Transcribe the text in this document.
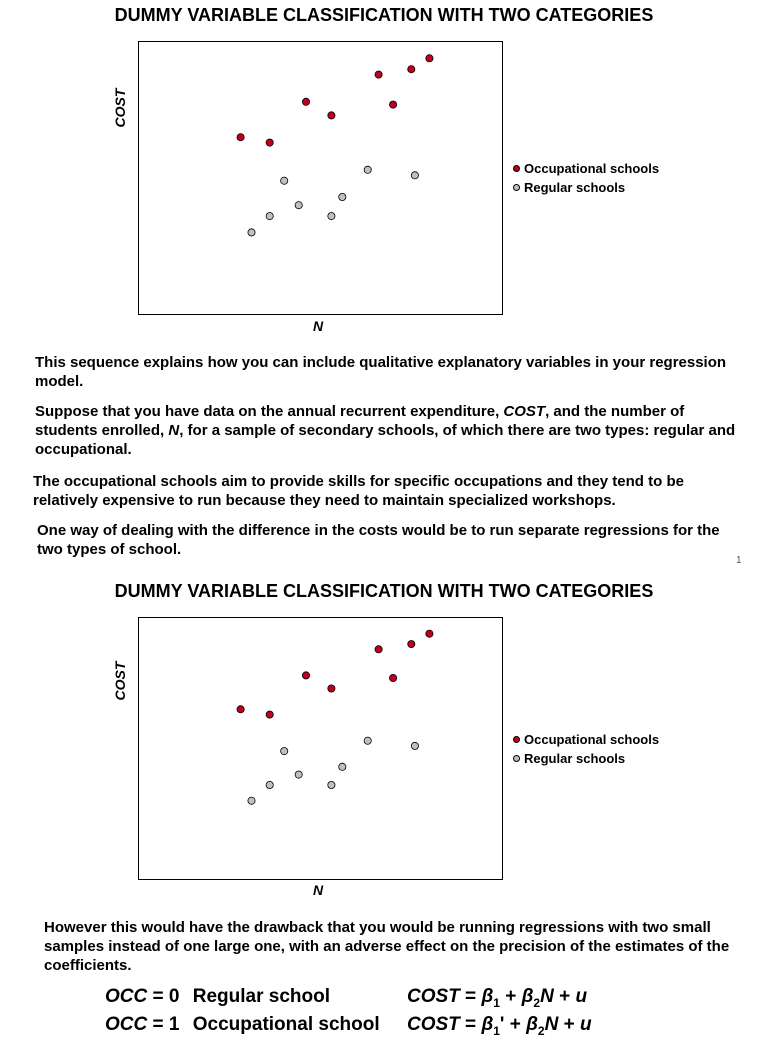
DUMMY VARIABLE CLASSIFICATION WITH TWO CATEGORIES
COST
N
Occupational schools
Regular schools
This sequence explains how you can include qualitative explanatory variables in your regression model.
Suppose that you have data on the annual recurrent expenditure, COST, and the number of students enrolled, N, for a sample of secondary schools, of which there are two types: regular and occupational.
The occupational schools aim to provide skills for specific occupations and they tend to be relatively expensive to run because they need to maintain specialized workshops.
One way of dealing with the difference in the costs would be to run separate regressions for the two types of school.
1
DUMMY VARIABLE CLASSIFICATION WITH TWO CATEGORIES
COST
N
Occupational schools
Regular schools
However this would have the drawback that you would be running regressions with two small samples instead of one large one, with an adverse effect on the precision of the estimates of the coefficients.
OCC = 0 Regular school	COST = $\beta_1 + \beta_2N + u$
OCC = 1 Occupational school COST = $\beta_1' + \beta_2N + u$
